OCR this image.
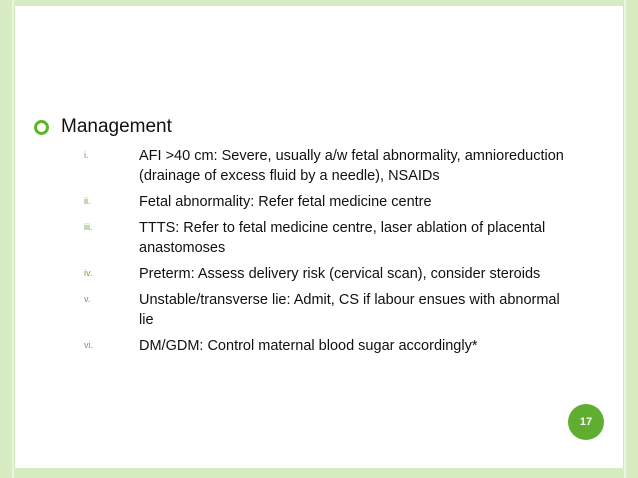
Management
i.	AFI >40 cm: Severe, usually a/w fetal abnormality, amnioreduction (drainage of excess fluid by a needle), NSAIDs
ii.	Fetal abnormality: Refer fetal medicine centre
iii.	TTTS: Refer to fetal medicine centre, laser ablation of placental anastomoses
iv.	Preterm: Assess delivery risk (cervical scan), consider steroids
v.	Unstable/transverse lie: Admit, CS if labour ensues with abnormal lie
vi.	DM/GDM: Control maternal blood sugar accordingly*
17
